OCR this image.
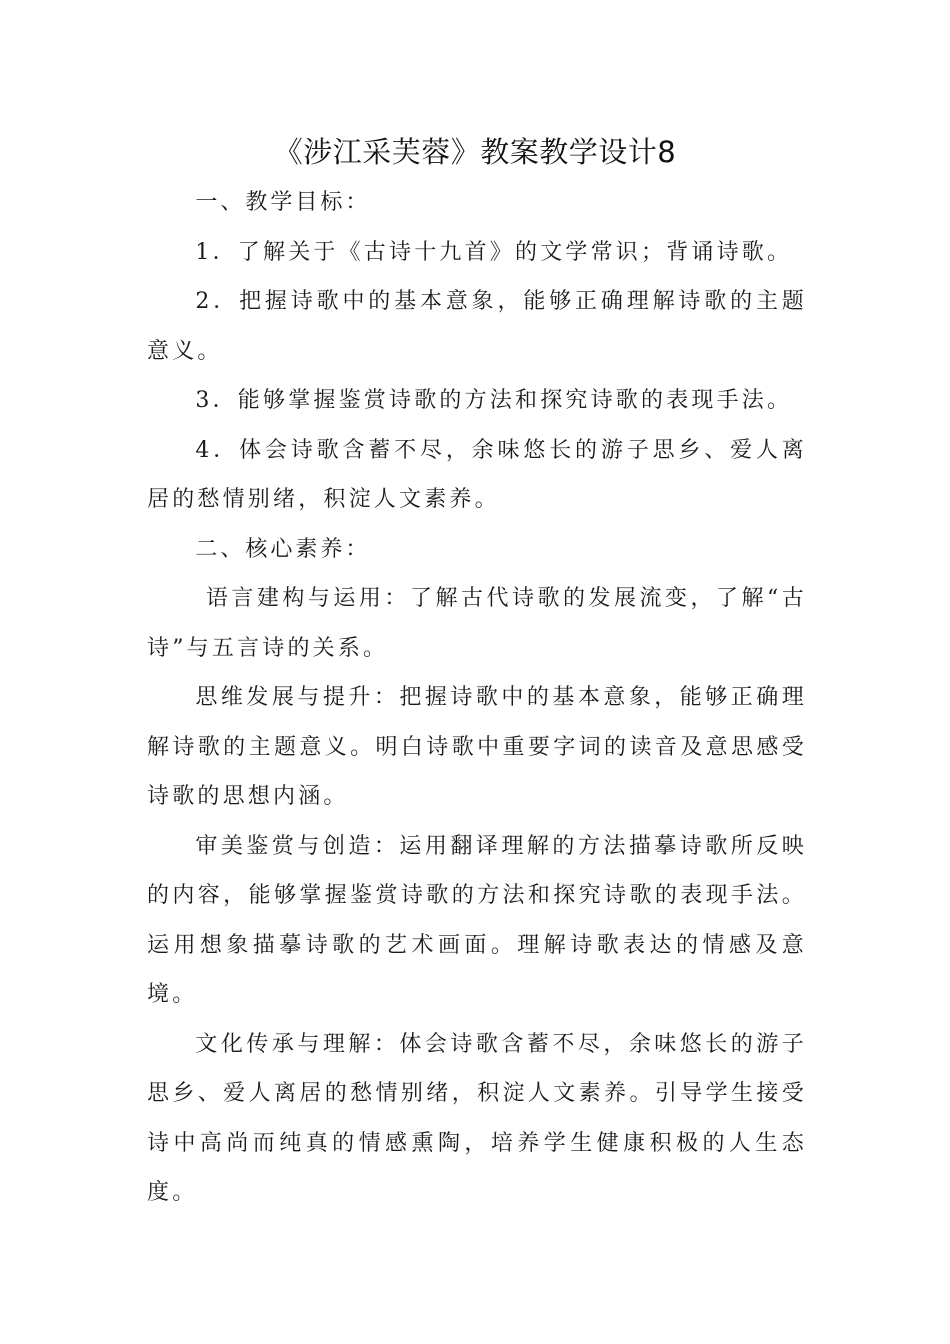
《涉江采芙蓉》教案教学设计8

一、教学目标：

1．了解关于《古诗十九首》的文学常识；背诵诗歌。

2．把握诗歌中的基本意象，能够正确理解诗歌的主题意义。

3．能够掌握鉴赏诗歌的方法和探究诗歌的表现手法。

4．体会诗歌含蓄不尽，余味悠长的游子思乡、爱人离居的愁情别绪，积淀人文素养。

二、核心素养：

语言建构与运用：了解古代诗歌的发展流变，了解“古诗”与五言诗的关系。

思维发展与提升：把握诗歌中的基本意象，能够正确理解诗歌的主题意义。明白诗歌中重要字词的读音及意思感受诗歌的思想内涵。

审美鉴赏与创造：运用翻译理解的方法描摹诗歌所反映的内容，能够掌握鉴赏诗歌的方法和探究诗歌的表现手法。运用想象描摹诗歌的艺术画面。理解诗歌表达的情感及意境。

文化传承与理解：体会诗歌含蓄不尽，余味悠长的游子思乡、爱人离居的愁情别绪，积淀人文素养。引导学生接受诗中高尚而纯真的情感熏陶，培养学生健康积极的人生态度。
